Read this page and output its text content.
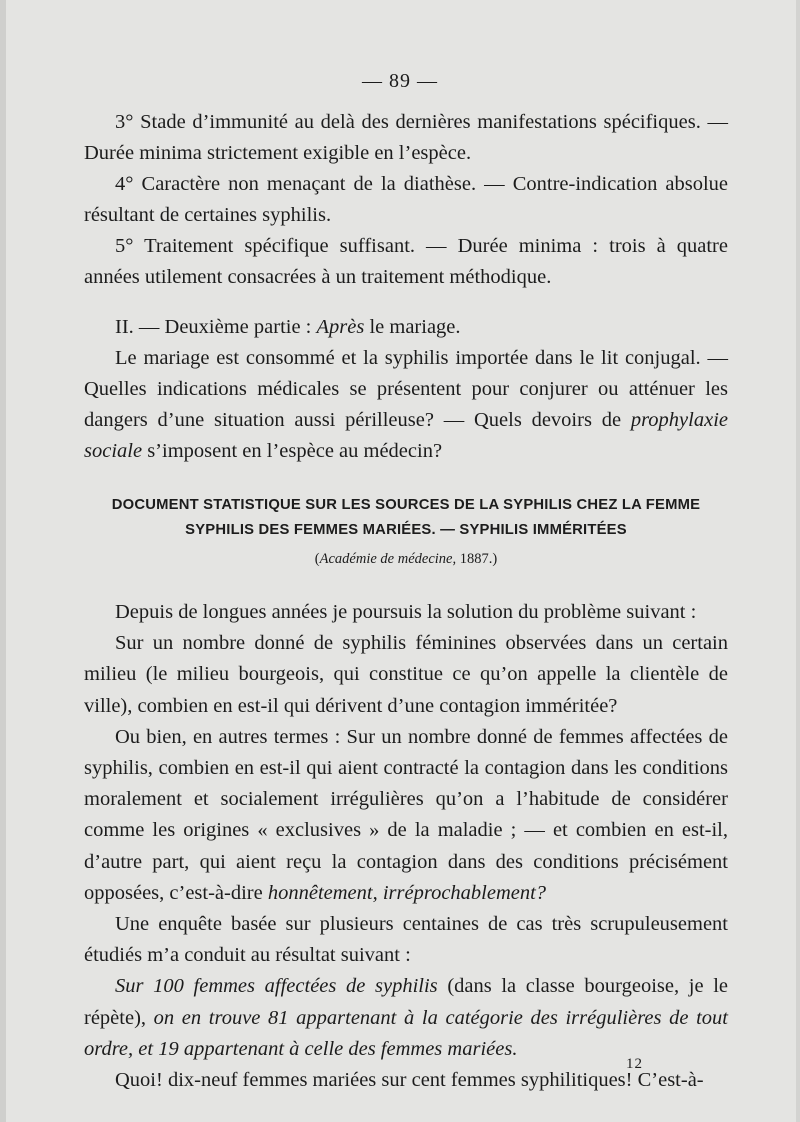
— 89 —

3° Stade d’immunité au delà des dernières manifestations spécifiques. — Durée minima strictement exigible en l’espèce.

4° Caractère non menaçant de la diathèse. — Contre-indication absolue résultant de certaines syphilis.

5° Traitement spécifique suffisant. — Durée minima : trois à quatre années utilement consacrées à un traitement méthodique.

II. — Deuxième partie : Après le mariage.

Le mariage est consommé et la syphilis importée dans le lit conjugal. — Quelles indications médicales se présentent pour conjurer ou atténuer les dangers d’une situation aussi périlleuse? — Quels devoirs de prophylaxie sociale s’imposent en l’espèce au médecin?

DOCUMENT STATISTIQUE SUR LES SOURCES DE LA SYPHILIS CHEZ LA FEMME
SYPHILIS DES FEMMES MARIÉES. — SYPHILIS IMMÉRITÉES
(Académie de médecine, 1887.)

Depuis de longues années je poursuis la solution du problème suivant :

Sur un nombre donné de syphilis féminines observées dans un certain milieu (le milieu bourgeois, qui constitue ce qu’on appelle la clientèle de ville), combien en est-il qui dérivent d’une contagion imméritée?

Ou bien, en autres termes : Sur un nombre donné de femmes affectées de syphilis, combien en est-il qui aient contracté la contagion dans les conditions moralement et socialement irrégulières qu’on a l’habitude de considérer comme les origines « exclusives » de la maladie ; — et combien en est-il, d’autre part, qui aient reçu la contagion dans des conditions précisément opposées, c’est-à-dire honnêtement, irréprochablement?

Une enquête basée sur plusieurs centaines de cas très scrupuleusement étudiés m’a conduit au résultat suivant :

Sur 100 femmes affectées de syphilis (dans la classe bourgeoise, je le répète), on en trouve 81 appartenant à la catégorie des irrégulières de tout ordre, et 19 appartenant à celle des femmes mariées.

Quoi! dix-neuf femmes mariées sur cent femmes syphilitiques! C’est-à-

12
